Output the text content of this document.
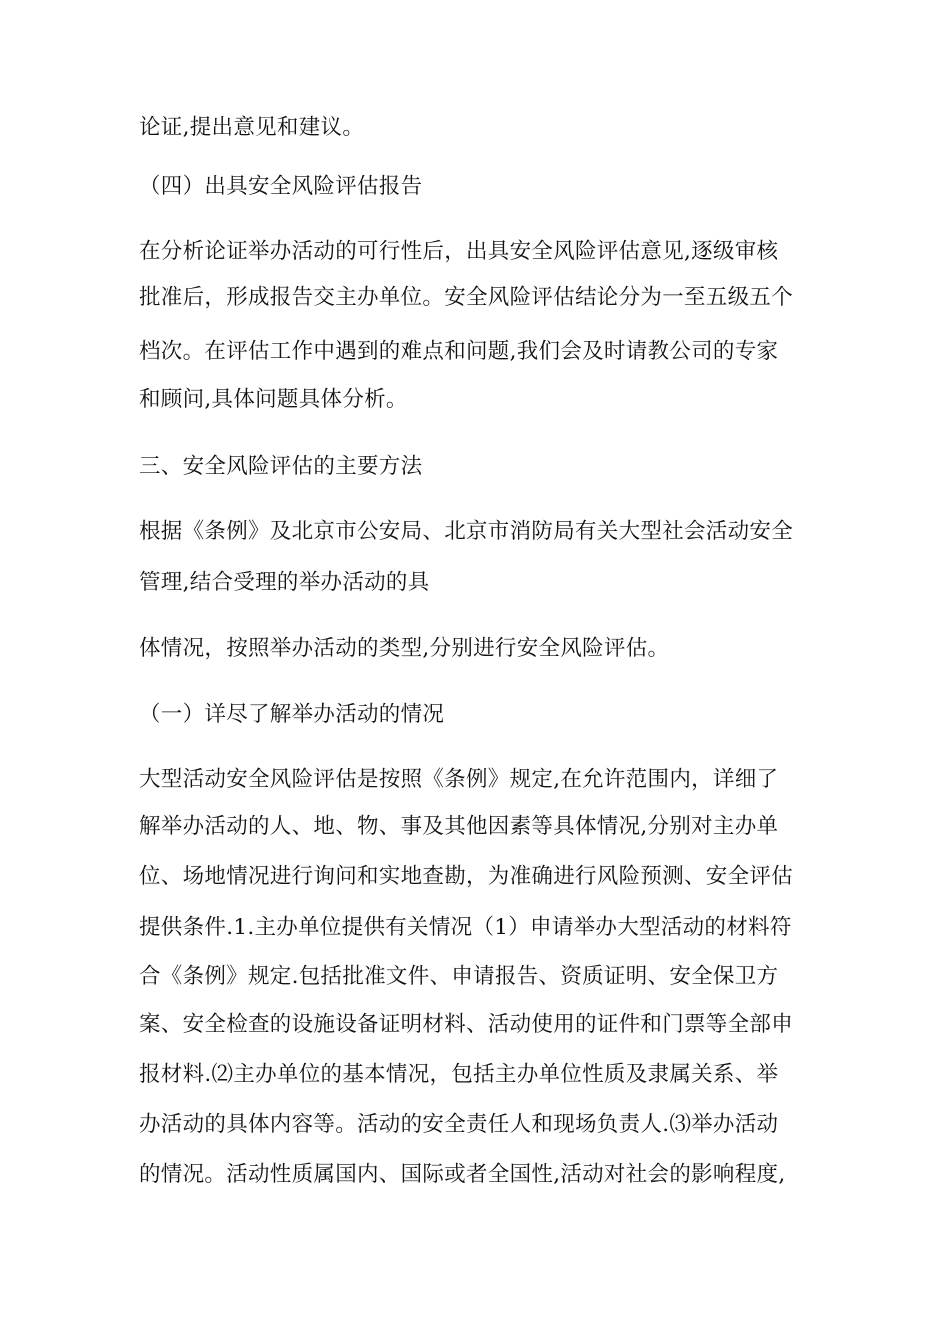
论证,提出意见和建议。
（四）出具安全风险评估报告
在分析论证举办活动的可行性后，出具安全风险评估意见,逐级审核
批准后，形成报告交主办单位。安全风险评估结论分为一至五级五个
档次。在评估工作中遇到的难点和问题,我们会及时请教公司的专家
和顾问,具体问题具体分析。
三、安全风险评估的主要方法
根据《条例》及北京市公安局、北京市消防局有关大型社会活动安全
管理,结合受理的举办活动的具
体情况，按照举办活动的类型,分别进行安全风险评估。
（一）详尽了解举办活动的情况
大型活动安全风险评估是按照《条例》规定,在允许范围内，详细了
解举办活动的人、地、物、事及其他因素等具体情况,分别对主办单
位、场地情况进行询问和实地查勘，为准确进行风险预测、安全评估
提供条件.1.主办单位提供有关情况（1）申请举办大型活动的材料符
合《条例》规定.包括批准文件、申请报告、资质证明、安全保卫方
案、安全检查的设施设备证明材料、活动使用的证件和门票等全部申
报材料.⑵主办单位的基本情况，包括主办单位性质及隶属关系、举
办活动的具体内容等。活动的安全责任人和现场负责人.⑶举办活动
的情况。活动性质属国内、国际或者全国性,活动对社会的影响程度,
